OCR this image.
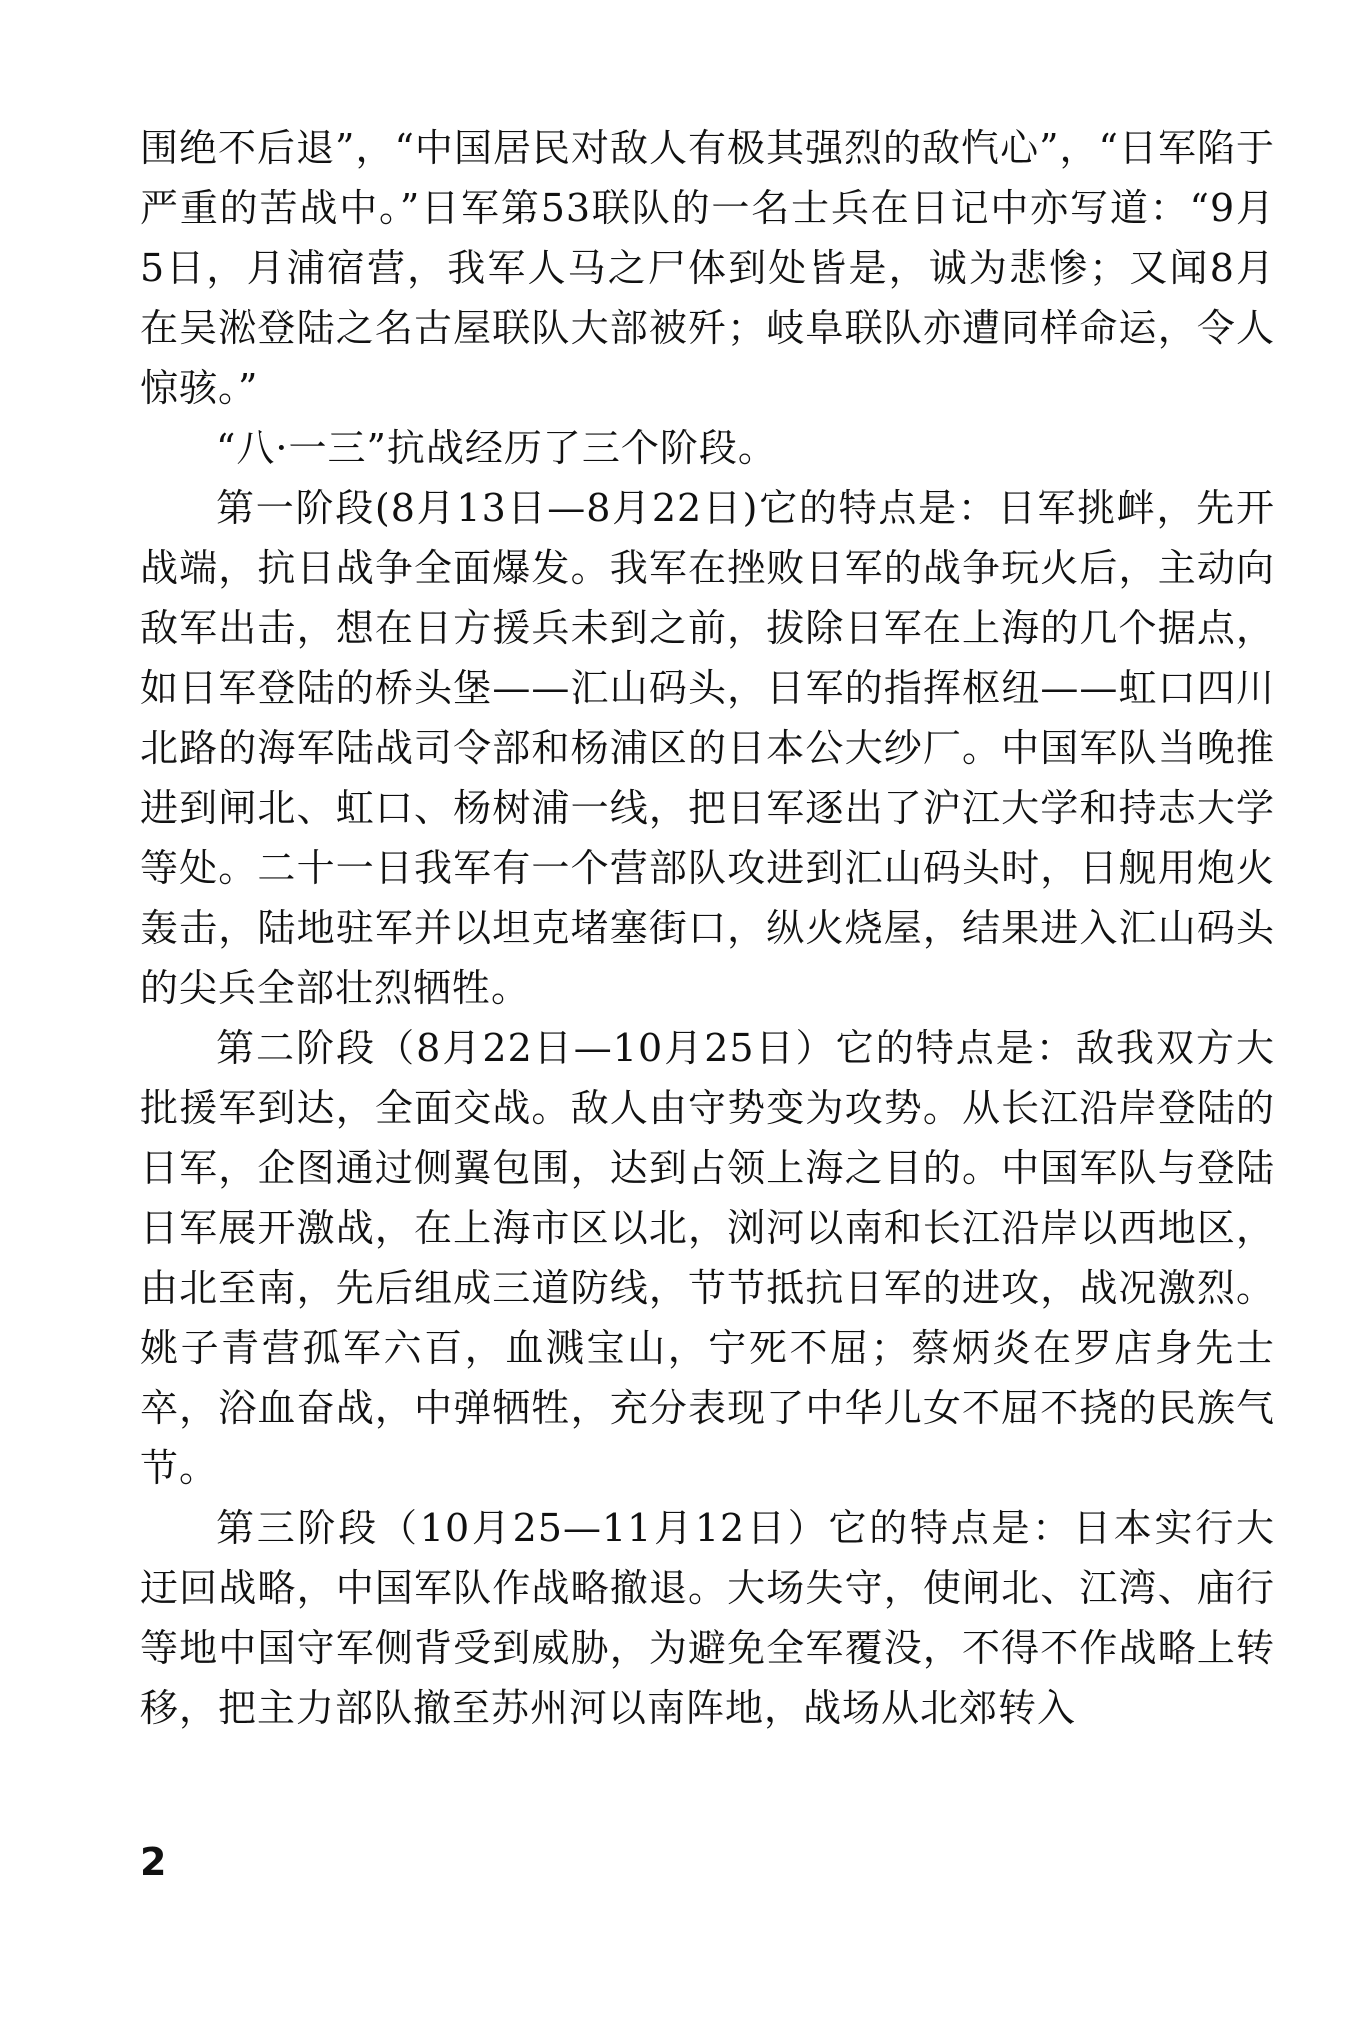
围绝不后退”，“中国居民对敌人有极其强烈的敌忾心”，“日军陷于严重的苦战中。”日军第53联队的一名士兵在日记中亦写道：“9月5日，月浦宿营，我军人马之尸体到处皆是，诚为悲惨；又闻8月在吴淞登陆之名古屋联队大部被歼；岐阜联队亦遭同样命运，令人惊骇。”

“八·一三”抗战经历了三个阶段。

第一阶段(8月13日—8月22日)它的特点是：日军挑衅，先开战端，抗日战争全面爆发。我军在挫败日军的战争玩火后，主动向敌军出击，想在日方援兵未到之前，拔除日军在上海的几个据点，如日军登陆的桥头堡——汇山码头，日军的指挥枢纽——虹口四川北路的海军陆战司令部和杨浦区的日本公大纱厂。中国军队当晚推进到闸北、虹口、杨树浦一线，把日军逐出了沪江大学和持志大学等处。二十一日我军有一个营部队攻进到汇山码头时，日舰用炮火轰击，陆地驻军并以坦克堵塞街口，纵火烧屋，结果进入汇山码头的尖兵全部壮烈牺牲。

第二阶段（8月22日—10月25日）它的特点是：敌我双方大批援军到达，全面交战。敌人由守势变为攻势。从长江沿岸登陆的日军，企图通过侧翼包围，达到占领上海之目的。中国军队与登陆日军展开激战，在上海市区以北，浏河以南和长江沿岸以西地区，由北至南，先后组成三道防线，节节抵抗日军的进攻，战况激烈。姚子青营孤军六百，血溅宝山，宁死不屈；蔡炳炎在罗店身先士卒，浴血奋战，中弹牺牲，充分表现了中华儿女不屈不挠的民族气节。

第三阶段（10月25—11月12日）它的特点是：日本实行大迂回战略，中国军队作战略撤退。大场失守，使闸北、江湾、庙行等地中国守军侧背受到威胁，为避免全军覆没，不得不作战略上转移，把主力部队撤至苏州河以南阵地，战场从北郊转入

2
